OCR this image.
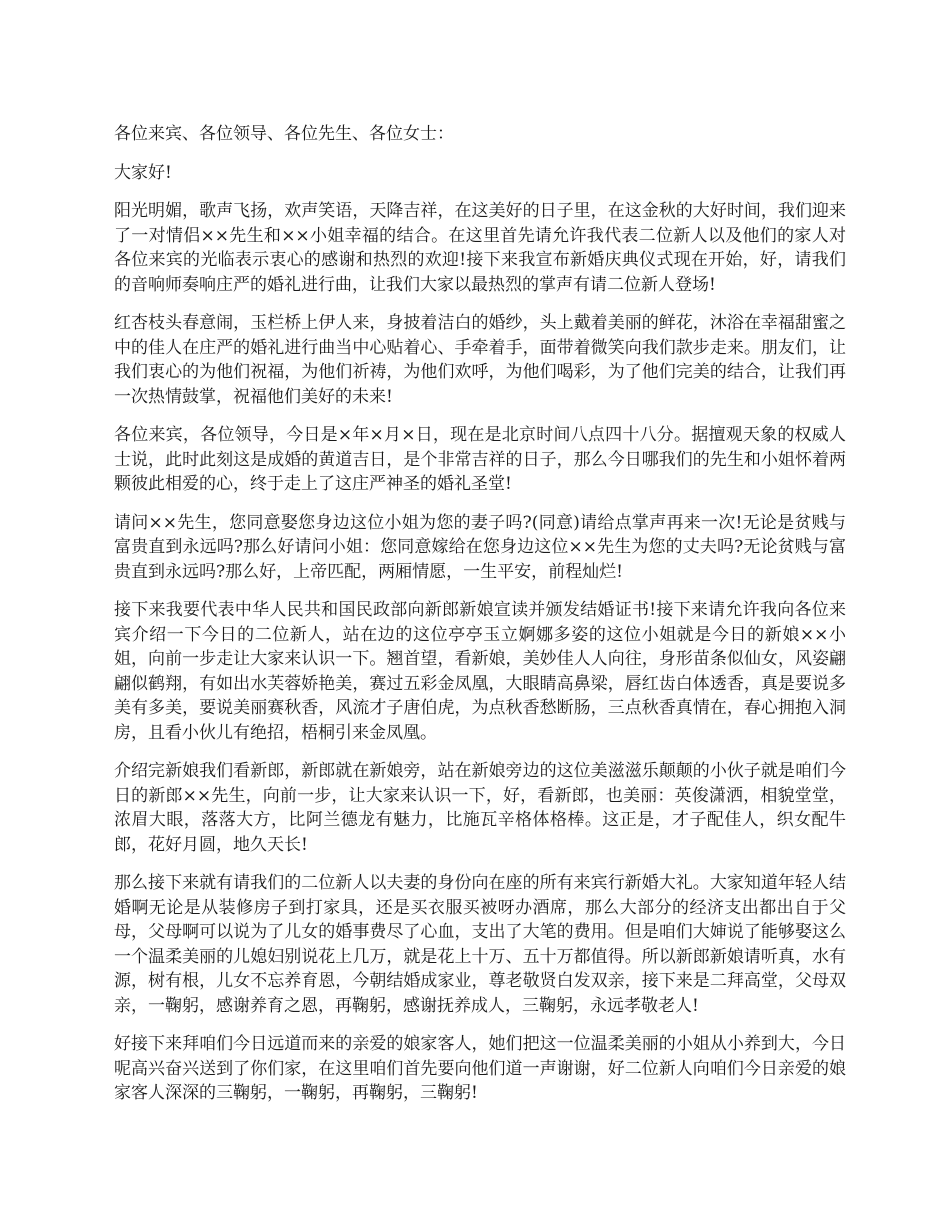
各位来宾、各位领导、各位先生、各位女士：

大家好!

阳光明媚，歌声飞扬，欢声笑语，天降吉祥，在这美好的日子里，在这金秋的大好时间，我们迎来了一对情侣××先生和××小姐幸福的结合。在这里首先请允许我代表二位新人以及他们的家人对各位来宾的光临表示衷心的感谢和热烈的欢迎!接下来我宣布新婚庆典仪式现在开始，好，请我们的音响师奏响庄严的婚礼进行曲，让我们大家以最热烈的掌声有请二位新人登场!

红杏枝头春意闹，玉栏桥上伊人来，身披着洁白的婚纱，头上戴着美丽的鲜花，沐浴在幸福甜蜜之中的佳人在庄严的婚礼进行曲当中心贴着心、手牵着手，面带着微笑向我们款步走来。朋友们，让我们衷心的为他们祝福，为他们祈祷，为他们欢呼，为他们喝彩，为了他们完美的结合，让我们再一次热情鼓掌，祝福他们美好的未来!

各位来宾，各位领导，今日是×年×月×日，现在是北京时间八点四十八分。据擅观天象的权威人士说，此时此刻这是成婚的黄道吉日，是个非常吉祥的日子，那么今日哪我们的先生和小姐怀着两颗彼此相爱的心，终于走上了这庄严神圣的婚礼圣堂!

请问××先生，您同意娶您身边这位小姐为您的妻子吗?(同意)请给点掌声再来一次!无论是贫贱与富贵直到永远吗?那么好请问小姐：您同意嫁给在您身边这位××先生为您的丈夫吗?无论贫贱与富贵直到永远吗?那么好，上帝匹配，两厢情愿，一生平安，前程灿烂!

接下来我要代表中华人民共和国民政部向新郎新娘宣读并颁发结婚证书!接下来请允许我向各位来宾介绍一下今日的二位新人，站在边的这位亭亭玉立婀娜多姿的这位小姐就是今日的新娘××小姐，向前一步走让大家来认识一下。翘首望，看新娘，美妙佳人人向往，身形苗条似仙女，风姿翩翩似鹤翔，有如出水芙蓉娇艳美，赛过五彩金凤凰，大眼睛高鼻梁，唇红齿白体透香，真是要说多美有多美，要说美丽赛秋香，风流才子唐伯虎，为点秋香愁断肠，三点秋香真情在，春心拥抱入洞房，且看小伙儿有绝招，梧桐引来金凤凰。

介绍完新娘我们看新郎，新郎就在新娘旁，站在新娘旁边的这位美滋滋乐颠颠的小伙子就是咱们今日的新郎××先生，向前一步，让大家来认识一下，好，看新郎，也美丽：英俊潇洒，相貌堂堂，浓眉大眼，落落大方，比阿兰德龙有魅力，比施瓦辛格体格棒。这正是，才子配佳人，织女配牛郎，花好月圆，地久天长!

那么接下来就有请我们的二位新人以夫妻的身份向在座的所有来宾行新婚大礼。大家知道年轻人结婚啊无论是从装修房子到打家具，还是买衣服买被呀办酒席，那么大部分的经济支出都出自于父母，父母啊可以说为了儿女的婚事费尽了心血，支出了大笔的费用。但是咱们大婶说了能够娶这么一个温柔美丽的儿媳妇别说花上几万，就是花上十万、五十万都值得。所以新郎新娘请听真，水有源，树有根，儿女不忘养育恩，今朝结婚成家业，尊老敬贤白发双亲，接下来是二拜高堂，父母双亲，一鞠躬，感谢养育之恩，再鞠躬，感谢抚养成人，三鞠躬，永远孝敬老人!

好接下来拜咱们今日远道而来的亲爱的娘家客人，她们把这一位温柔美丽的小姐从小养到大，今日呢高兴奋兴送到了你们家，在这里咱们首先要向他们道一声谢谢，好二位新人向咱们今日亲爱的娘家客人深深的三鞠躬，一鞠躬，再鞠躬，三鞠躬!
